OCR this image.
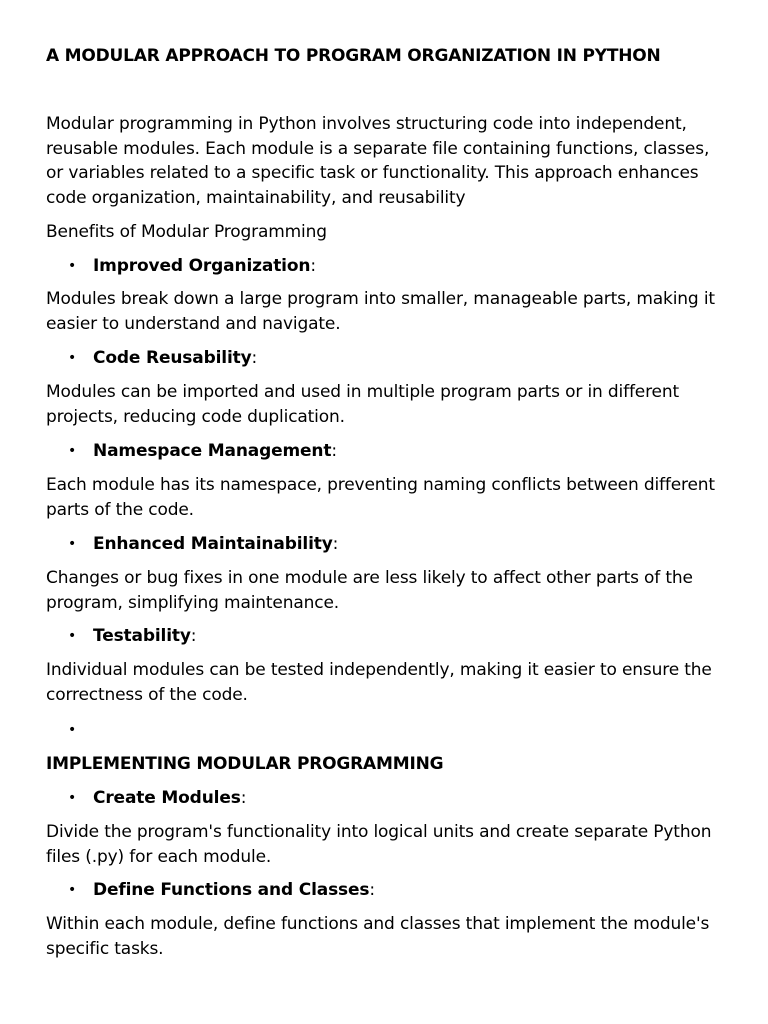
A MODULAR APPROACH TO PROGRAM ORGANIZATION IN PYTHON
Modular programming in Python involves structuring code into independent, reusable modules. Each module is a separate file containing functions, classes, or variables related to a specific task or functionality. This approach enhances code organization, maintainability, and reusability
Benefits of Modular Programming
• Improved Organization:
Modules break down a large program into smaller, manageable parts, making it easier to understand and navigate.
• Code Reusability:
Modules can be imported and used in multiple program parts or in different projects, reducing code duplication.
• Namespace Management:
Each module has its namespace, preventing naming conflicts between different parts of the code.
• Enhanced Maintainability:
Changes or bug fixes in one module are less likely to affect other parts of the program, simplifying maintenance.
• Testability:
Individual modules can be tested independently, making it easier to ensure the correctness of the code.
•
IMPLEMENTING MODULAR PROGRAMMING
• Create Modules:
Divide the program's functionality into logical units and create separate Python files (.py) for each module.
• Define Functions and Classes:
Within each module, define functions and classes that implement the module's specific tasks.
